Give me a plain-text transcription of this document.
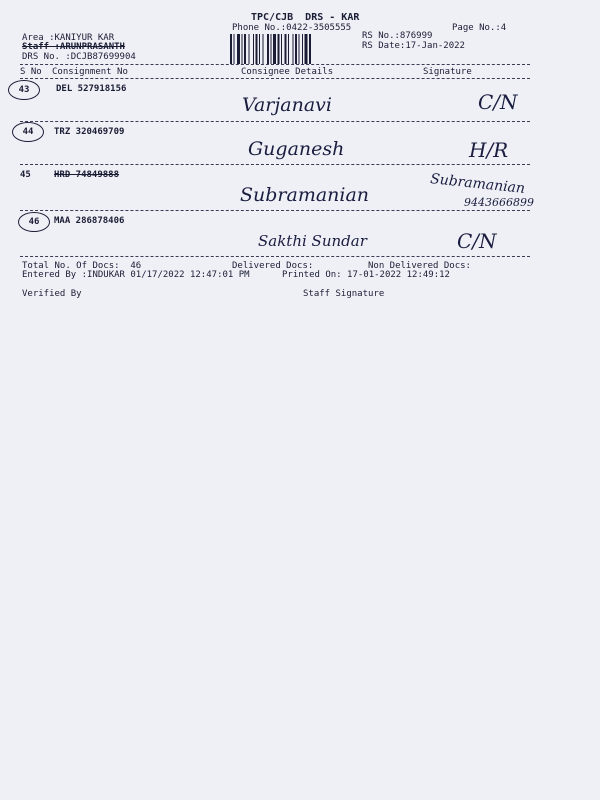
TPC/CJB  DRS - KAR
Phone No.:0422-3505555	Page No.:4
Area :KANIYUR KAR
Staff :ARUNPRASANTH
DRS No. :DCJB87699904
RS No.:876999
RS Date:17-Jan-2022
S No Consignment No	Consignee Details	Signature
43	DEL 527918156
Varjanavi	C/N
44 TRZ 320469709
Guganesh	H/R
45	HRD 74849888
Subramanian	Subramanian
9443666899
46 MAA 286878406
Sakthi Sundar	C/N
Total No. Of Docs:  46	Delivered Docs:	Non Delivered Docs:
Entered By :INDUKAR 01/17/2022 12:47:01 PM	Printed On: 17-01-2022 12:49:12
Verified By	Staff Signature
